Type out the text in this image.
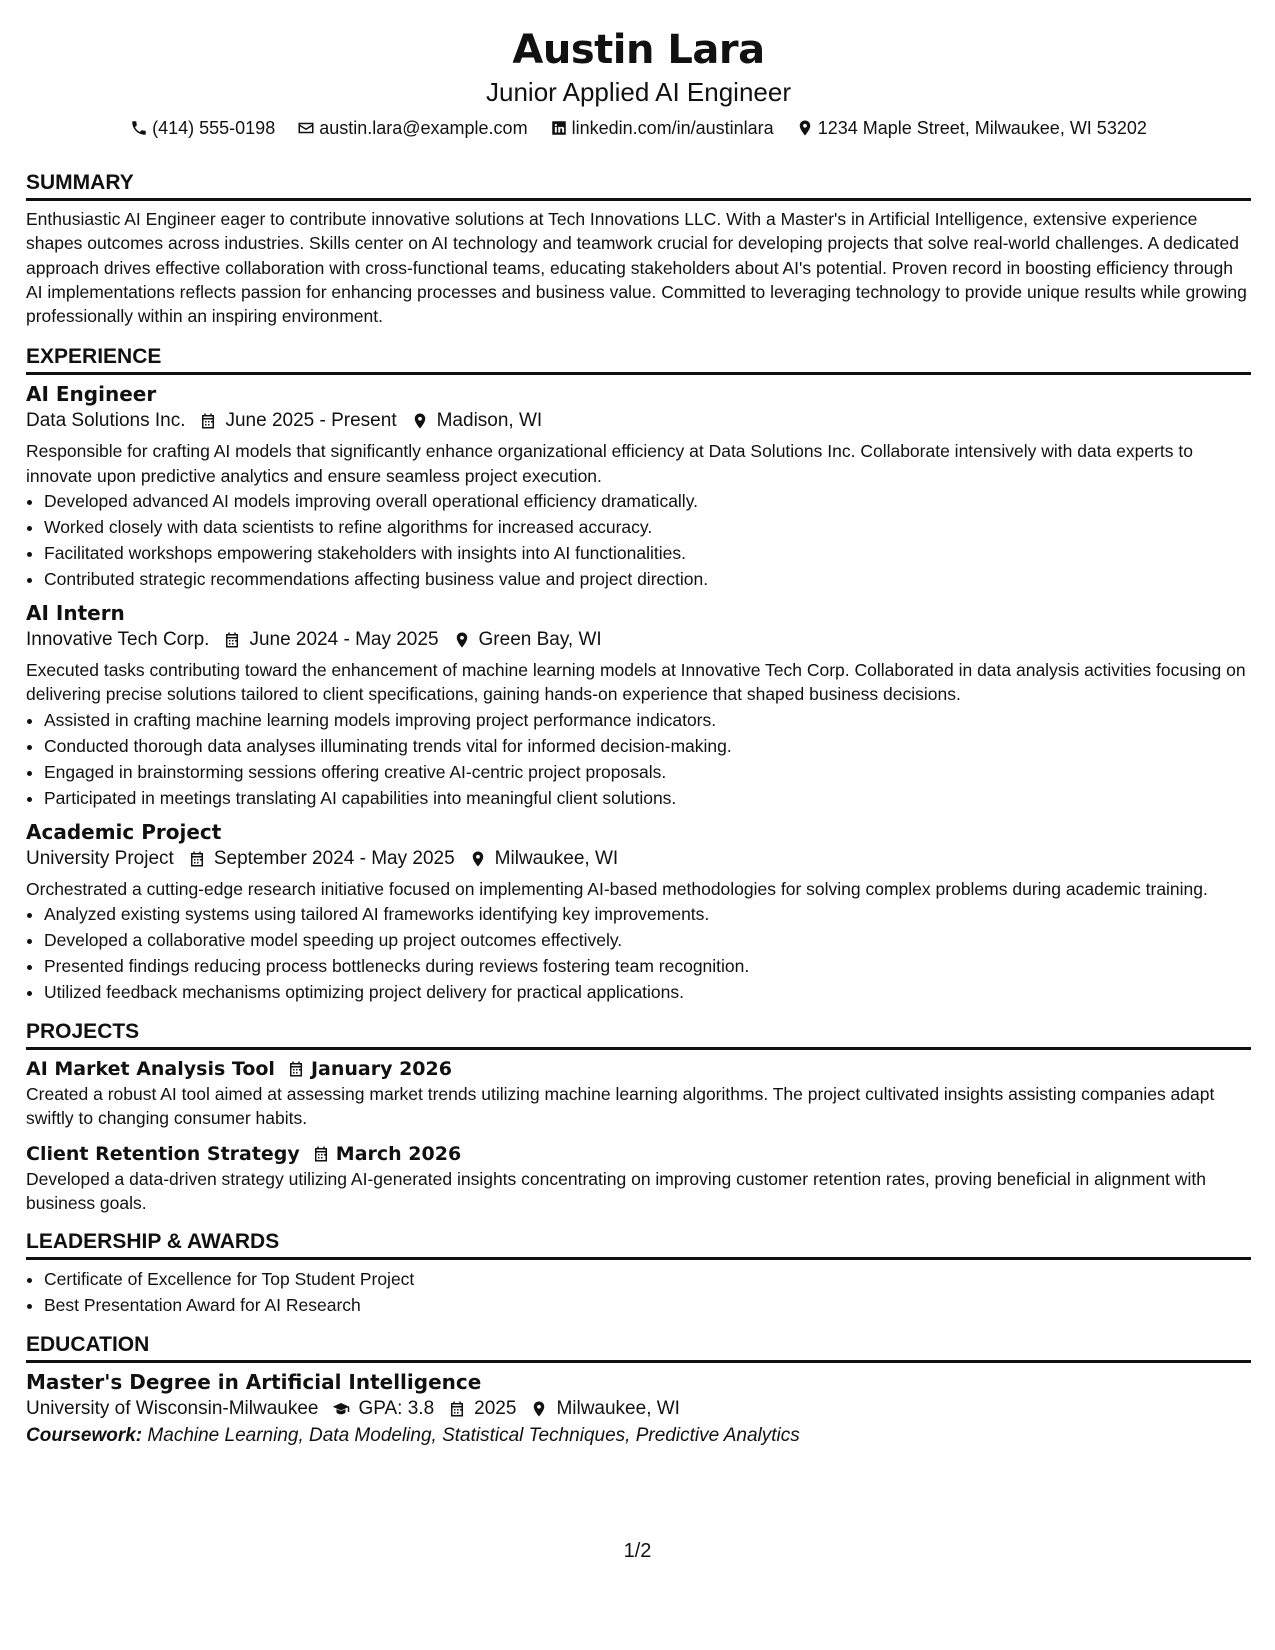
Austin Lara
Junior Applied AI Engineer
(414) 555-0198 austin.lara@example.com linkedin.com/in/austinlara 1234 Maple Street, Milwaukee, WI 53202
SUMMARY
Enthusiastic AI Engineer eager to contribute innovative solutions at Tech Innovations LLC. With a Master's in Artificial Intelligence, extensive experience shapes outcomes across industries. Skills center on AI technology and teamwork crucial for developing projects that solve real-world challenges. A dedicated approach drives effective collaboration with cross-functional teams, educating stakeholders about AI's potential. Proven record in boosting efficiency through AI implementations reflects passion for enhancing processes and business value. Committed to leveraging technology to provide unique results while growing professionally within an inspiring environment.
EXPERIENCE
AI Engineer
Data Solutions Inc. June 2025 - Present Madison, WI
Responsible for crafting AI models that significantly enhance organizational efficiency at Data Solutions Inc. Collaborate intensively with data experts to innovate upon predictive analytics and ensure seamless project execution.
• Developed advanced AI models improving overall operational efficiency dramatically.
• Worked closely with data scientists to refine algorithms for increased accuracy.
• Facilitated workshops empowering stakeholders with insights into AI functionalities.
• Contributed strategic recommendations affecting business value and project direction.
AI Intern
Innovative Tech Corp. June 2024 - May 2025 Green Bay, WI
Executed tasks contributing toward the enhancement of machine learning models at Innovative Tech Corp. Collaborated in data analysis activities focusing on delivering precise solutions tailored to client specifications, gaining hands-on experience that shaped business decisions.
• Assisted in crafting machine learning models improving project performance indicators.
• Conducted thorough data analyses illuminating trends vital for informed decision-making.
• Engaged in brainstorming sessions offering creative AI-centric project proposals.
• Participated in meetings translating AI capabilities into meaningful client solutions.
Academic Project
University Project September 2024 - May 2025 Milwaukee, WI
Orchestrated a cutting-edge research initiative focused on implementing AI-based methodologies for solving complex problems during academic training.
• Analyzed existing systems using tailored AI frameworks identifying key improvements.
• Developed a collaborative model speeding up project outcomes effectively.
• Presented findings reducing process bottlenecks during reviews fostering team recognition.
• Utilized feedback mechanisms optimizing project delivery for practical applications.
PROJECTS
AI Market Analysis Tool January 2026
Created a robust AI tool aimed at assessing market trends utilizing machine learning algorithms. The project cultivated insights assisting companies adapt swiftly to changing consumer habits.
Client Retention Strategy March 2026
Developed a data-driven strategy utilizing AI-generated insights concentrating on improving customer retention rates, proving beneficial in alignment with business goals.
LEADERSHIP & AWARDS
• Certificate of Excellence for Top Student Project
• Best Presentation Award for AI Research
EDUCATION
Master's Degree in Artificial Intelligence
University of Wisconsin-Milwaukee GPA: 3.8 2025 Milwaukee, WI
Coursework: Machine Learning, Data Modeling, Statistical Techniques, Predictive Analytics
1/2
